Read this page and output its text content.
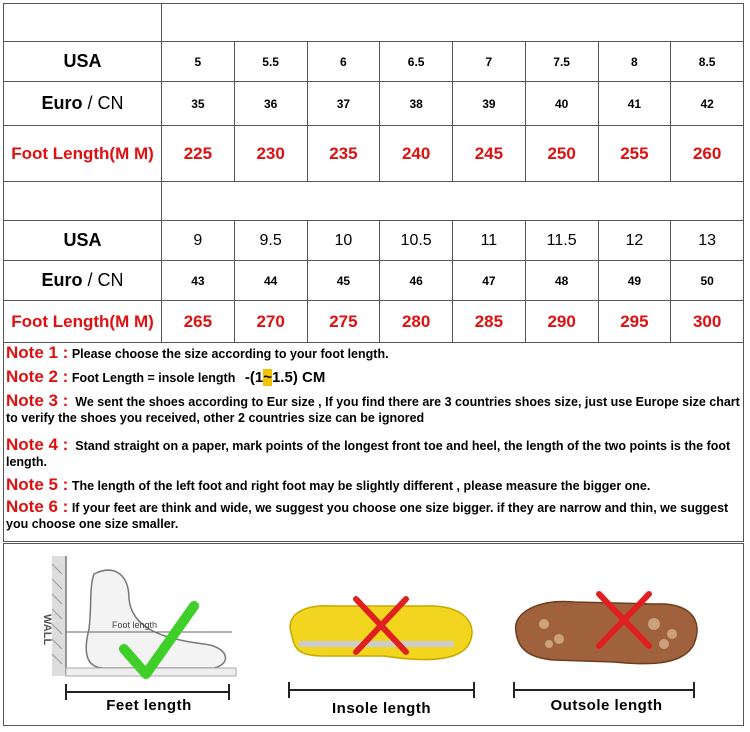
USA	5	5.5	6	6.5	7	7.5	8	8.5
Euro / CN	35	36	37	38	39	40	41	42
Foot Length(M M)	225	230	235	240	245	250	255	260

USA	9	9.5	10	10.5	11	11.5	12	13
Euro / CN	43	44	45	46	47	48	49	50
Foot Length(M M)	265	270	275	280	285	290	295	300
Note 1 : Please choose the size according to your foot length.
Note 2 : Foot Length = insole length -(1~1.5) CM

Note 3 : We sent the shoes according to Eur size , If you find there are 3 countries shoes size, just use Europe size chart to verify the shoes you received, other 2 countries size can be ignored

Note 4 : Stand straight on a paper, mark points of the longest front toe and heel, the length of the two points is the foot length.

Note 5 : The length of the left foot and right foot may be slightly different , please measure the bigger one.

Note 6 : If your feet are think and wide, we suggest you choose one size bigger. if they are narrow and thin, we suggest you choose one size smaller.

WALL	Foot length
Feet length	Insole length	Outsole length
